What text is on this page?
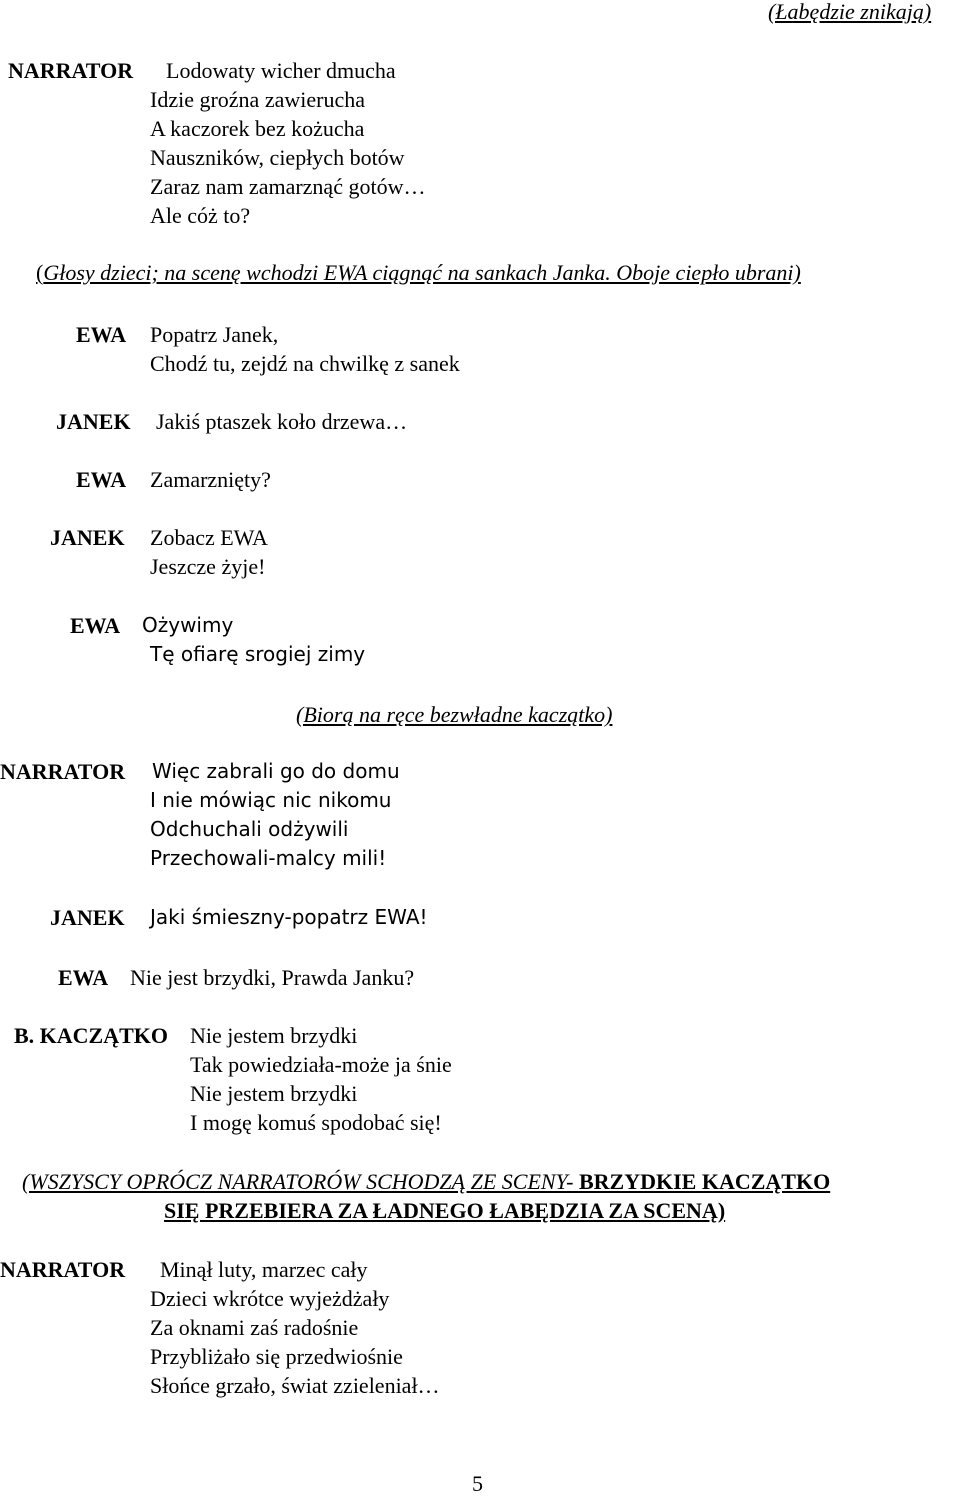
(Łabędzie znikają)
NARRATOR Lodowaty wicher dmucha
Idzie groźna zawierucha
A kaczorek bez kożucha
Nauszników, ciepłych botów
Zaraz nam zamarznąć gotów…
Ale cóż to?
(Głosy dzieci; na scenę wchodzi EWA ciągnąć na sankach Janka. Oboje ciepło ubrani)
EWA Popatrz Janek,
Chodź tu, zejdź na chwilkę z sanek
JANEK Jakiś ptaszek koło drzewa…
EWA Zamarznięty?
JANEK Zobacz EWA
Jeszcze żyje!
EWA Ożywimy
Tę ofiarę srogiej zimy
(Biorą na ręce bezwładne kaczątko)
NARRATOR Więc zabrali go do domu
I nie mówiąc nic nikomu
Odchuchali odżywili
Przechowali-malcy mili!
JANEK Jaki śmieszny-popatrz EWA!
EWA Nie jest brzydki, Prawda Janku?
B. KACZĄTKO Nie jestem brzydki
Tak powiedziała-może ja śnie
Nie jestem brzydki
I mogę komuś spodobać się!
(WSZYSCY OPRÓCZ NARRATORÓW SCHODZĄ ZE SCENY- BRZYDKIE KACZĄTKO
SIĘ PRZEBIERA ZA ŁADNEGO ŁABĘDZIA ZA SCENĄ)
NARRATOR Minął luty, marzec cały
Dzieci wkrótce wyjeżdżały
Za oknami zaś radośnie
Przybliżało się przedwiośnie
Słońce grzało, świat zzieleniał…
5
